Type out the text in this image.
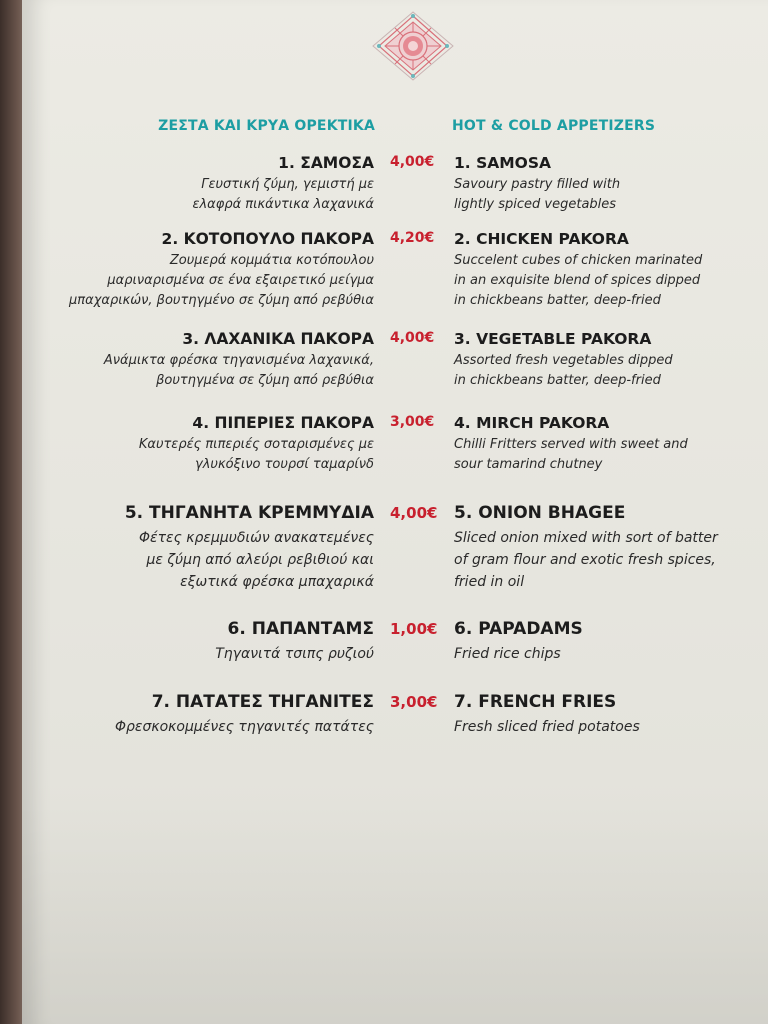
ΖΕΣΤΑ ΚΑΙ ΚΡΥΑ ΟΡΕΚΤΙΚΑ	HOT & COLD APPETIZERS
1. ΣΑΜΟΣΑ
Γευστική ζύμη, γεμιστή με
ελαφρά πικάντικα λαχανικά
4,00€ 1. SAMOSA
Savoury pastry filled with
lightly spiced vegetables
2. ΚΟΤΟΠΟΥΛΟ ΠΑΚΟΡΑ
Ζουμερά κομμάτια κοτόπουλου
μαριναρισμένα σε ένα εξαιρετικό μείγμα
μπαχαρικών, βουτηγμένο σε ζύμη από ρεβύθια
4,20€ 2. CHICKEN PAKORA
Succelent cubes of chicken marinated
in an exquisite blend of spices dipped
in chickbeans batter, deep-fried
3. ΛΑΧΑΝΙΚΑ ΠΑΚΟΡΑ
Ανάμικτα φρέσκα τηγανισμένα λαχανικά,
βουτηγμένα σε ζύμη από ρεβύθια
4,00€ 3. VEGETABLE PAKORA
Assorted fresh vegetables dipped
in chickbeans batter, deep-fried
4. ΠΙΠΕΡΙΕΣ ΠΑΚΟΡΑ
Καυτερές πιπεριές σοταρισμένες με
γλυκόξινο τουρσί ταμαρίνδ
3,00€ 4. MIRCH PAKORA
Chilli Fritters served with sweet and
sour tamarind chutney
5. ΤΗΓΑΝΗΤΑ ΚΡΕΜΜΥΔΙΑ
Φέτες κρεμμυδιών ανακατεμένες
με ζύμη από αλεύρι ρεβιθιού και
εξωτικά φρέσκα μπαχαρικά
4,00€ 5. ONION BHAGEE
Sliced onion mixed with sort of batter
of gram flour and exotic fresh spices,
fried in oil
6. ΠΑΠΑΝΤΑΜΣ
Τηγανιτά τσιπς ρυζιού
1,00€ 6. PAPADAMS
Fried rice chips
7. ΠΑΤΑΤΕΣ ΤΗΓΑΝΙΤΕΣ
Φρεσκοκομμένες τηγανιτές πατάτες
3,00€ 7. FRENCH FRIES
Fresh sliced fried potatoes
